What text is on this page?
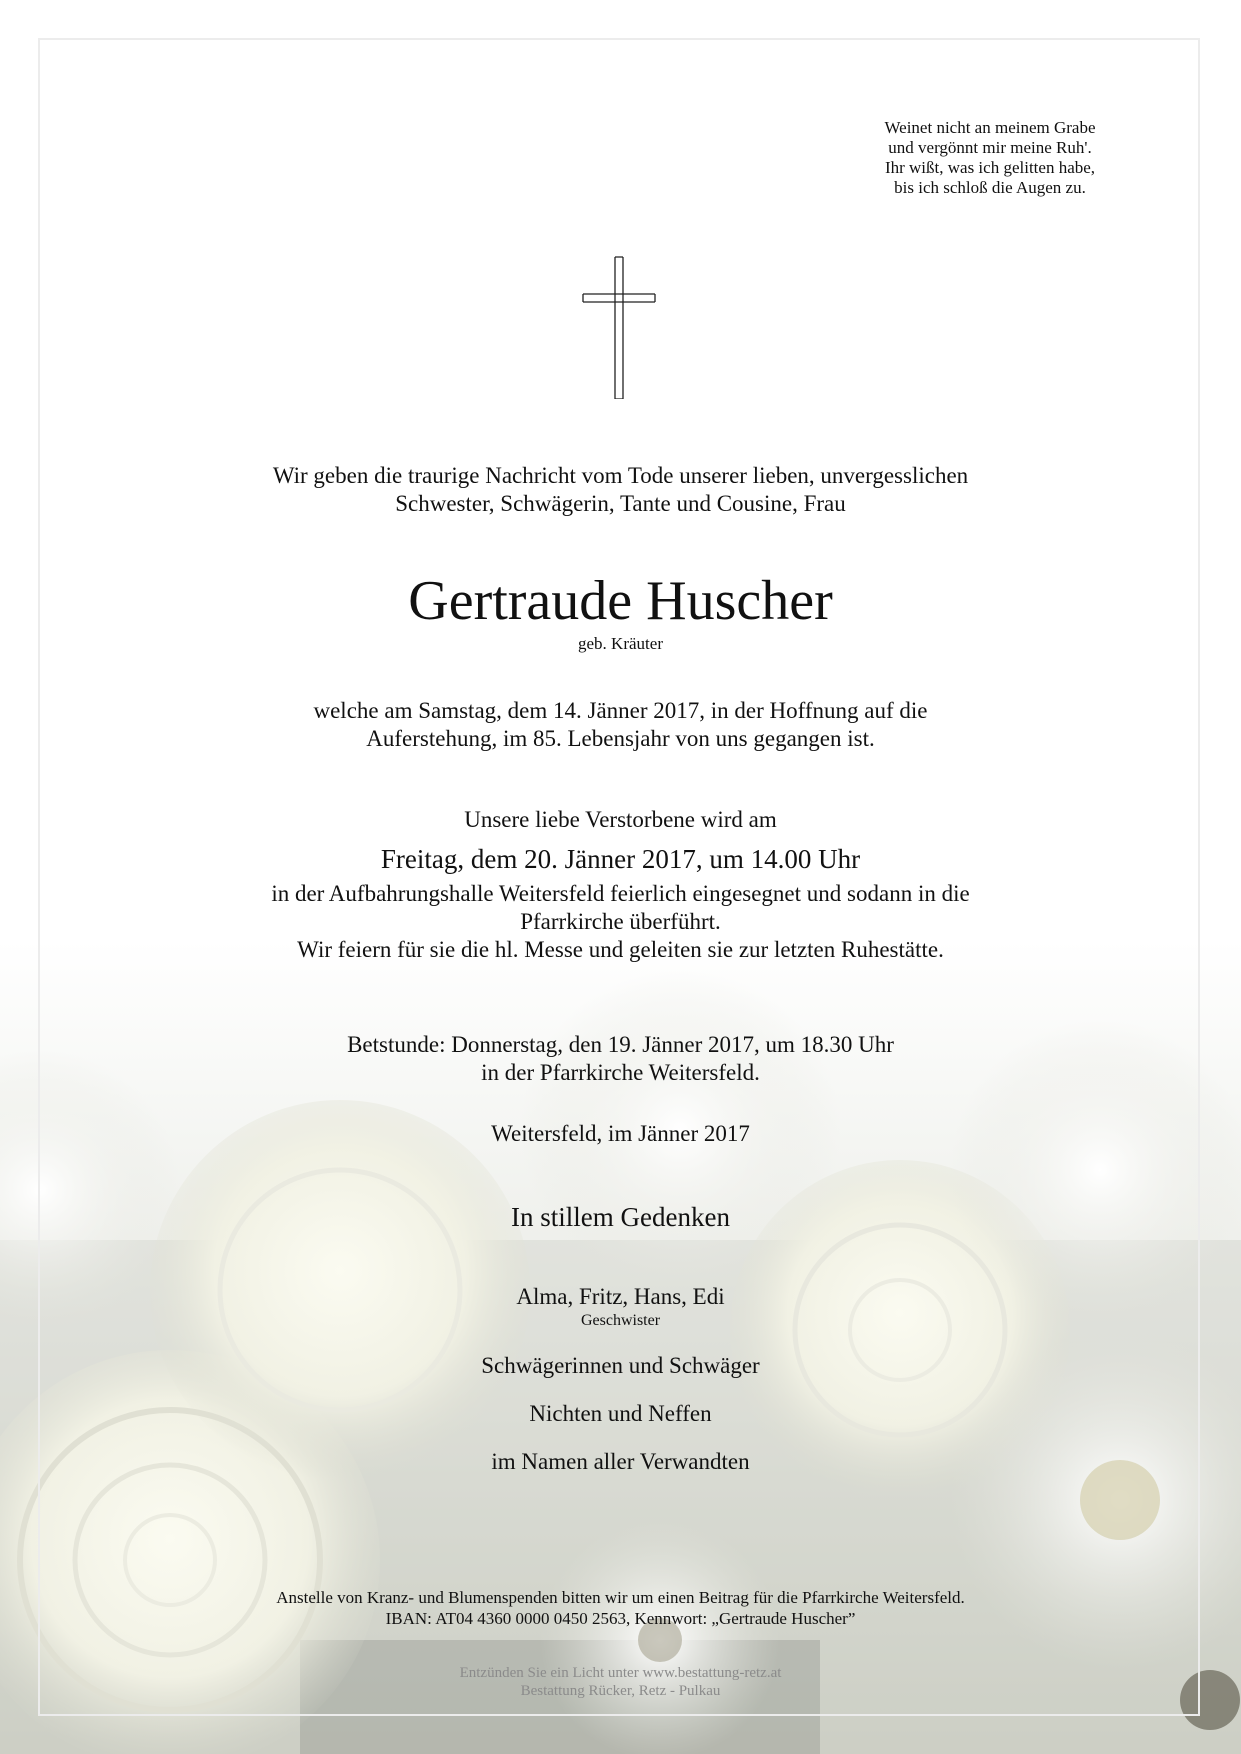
Weinet nicht an meinem Grabe
und vergönnt mir meine Ruh'.
Ihr wißt, was ich gelitten habe,
bis ich schloß die Augen zu.
Wir geben die traurige Nachricht vom Tode unserer lieben, unvergesslichen
Schwester, Schwägerin, Tante und Cousine, Frau
Gertraude Huscher
geb. Kräuter
welche am Samstag, dem 14. Jänner 2017, in der Hoffnung auf die
Auferstehung, im 85. Lebensjahr von uns gegangen ist.
Unsere liebe Verstorbene wird am
Freitag, dem 20. Jänner 2017, um 14.00 Uhr
in der Aufbahrungshalle Weitersfeld feierlich eingesegnet und sodann in die
Pfarrkirche überführt.
Wir feiern für sie die hl. Messe und geleiten sie zur letzten Ruhestätte.
Betstunde: Donnerstag, den 19. Jänner 2017, um 18.30 Uhr
in der Pfarrkirche Weitersfeld.
Weitersfeld, im Jänner 2017
In stillem Gedenken
Alma, Fritz, Hans, Edi
Geschwister
Schwägerinnen und Schwäger
Nichten und Neffen
im Namen aller Verwandten
Anstelle von Kranz- und Blumenspenden bitten wir um einen Beitrag für die Pfarrkirche Weitersfeld.
IBAN: AT04 4360 0000 0450 2563, Kennwort: „Gertraude Huscher”
Entzünden Sie ein Licht unter www.bestattung-retz.at
Bestattung Rücker, Retz - Pulkau
